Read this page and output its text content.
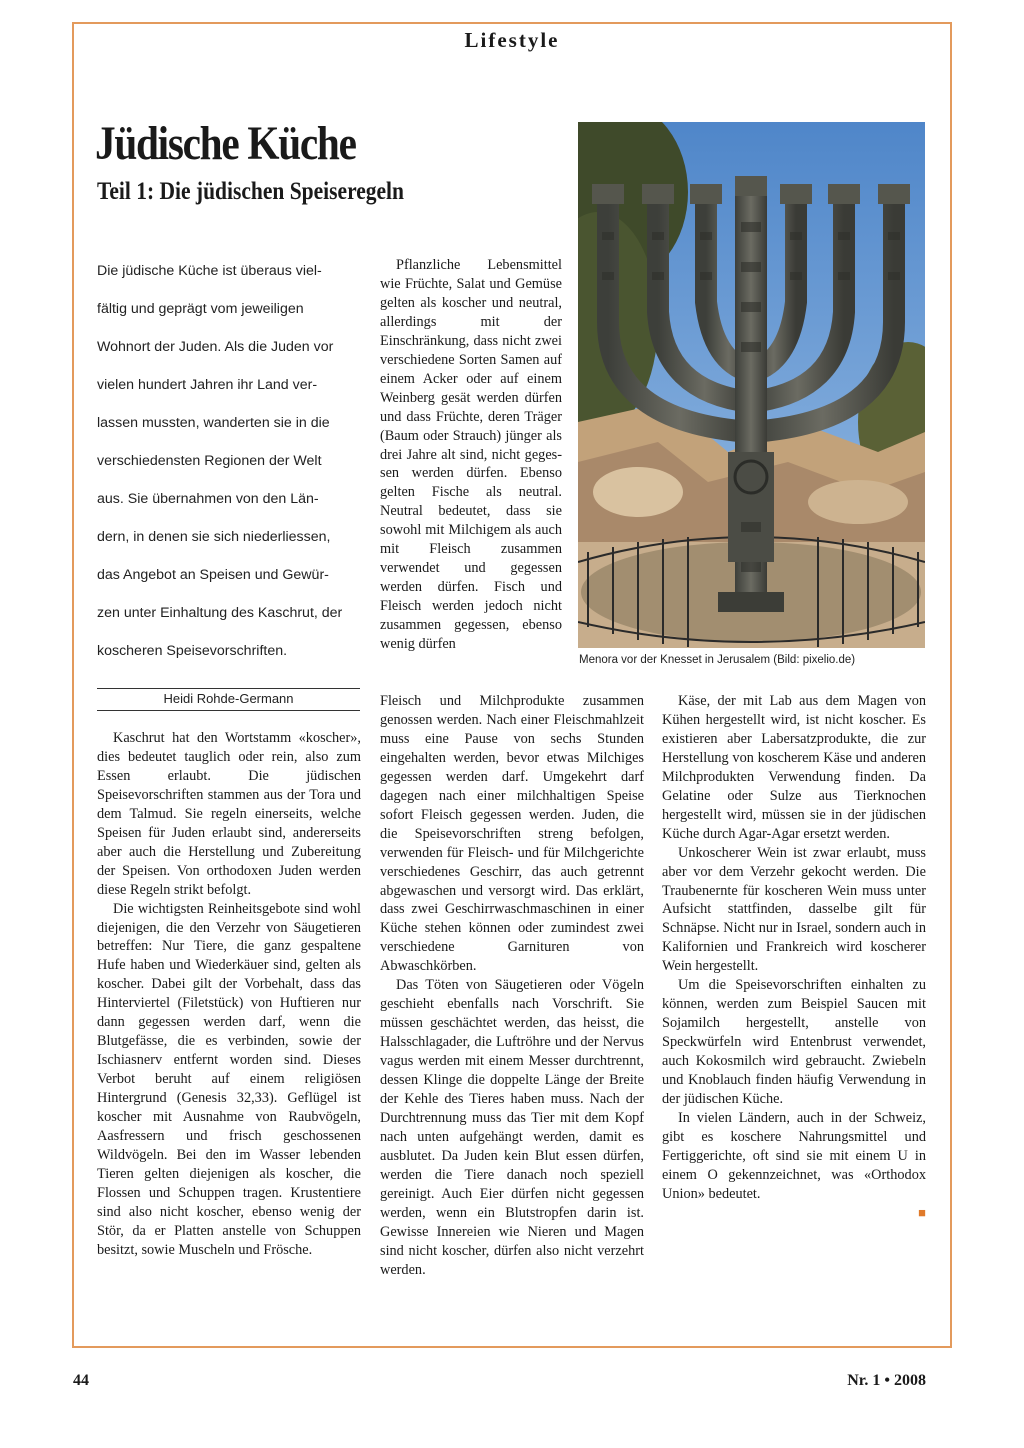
Lifestyle
Jüdische Küche
Teil 1: Die jüdischen Speiseregeln
Die jüdische Küche ist überaus viel-
fältig und geprägt vom jeweiligen
Wohnort der Juden. Als die Juden vor
vielen hundert Jahren ihr Land ver-
lassen mussten, wanderten sie in die
verschiedensten Regionen der Welt
aus. Sie übernahmen von den Län-
dern, in denen sie sich niederliessen,
das Angebot an Speisen und Gewür-
zen unter Einhaltung des Kaschrut, der
koscheren Speisevorschriften.
Heidi Rohde-Germann

Kaschrut hat den Wortstamm «koscher», dies bedeutet tauglich oder rein, also zum Essen erlaubt. Die jüdischen Speisevorschriften stammen aus der Tora und dem Talmud. Sie regeln einerseits, welche Speisen für Juden erlaubt sind, andererseits aber auch die Herstellung und Zubereitung der Speisen. Von orthodoxen Juden werden diese Regeln strikt befolgt.

Die wichtigsten Reinheitsgebote sind wohl diejenigen, die den Verzehr von Säugetieren betreffen: Nur Tiere, die ganz gespaltene Hufe haben und Wiederkäuer sind, gelten als koscher. Dabei gilt der Vorbehalt, dass das Hinterviertel (Filetstück) von Huftieren nur dann gegessen werden darf, wenn die Blutgefässe, die es verbinden, sowie der Ischiasnerv entfernt worden sind. Dieses Verbot beruht auf einem religiösen Hintergrund (Genesis 32,33). Geflügel ist koscher mit Ausnahme von Raubvögeln, Aasfressern und frisch geschossenen Wildvögeln. Bei den im Wasser lebenden Tieren gelten diejenigen als koscher, die Flossen und Schuppen tragen. Krustentiere sind also nicht koscher, ebenso wenig der Stör, da er Platten anstelle von Schuppen besitzt, sowie Muscheln und Frösche.

Pflanzliche Lebensmittel wie Früchte, Salat und Gemüse gelten als koscher und neutral, allerdings mit der Einschränkung, dass nicht zwei verschiedene Sorten Samen auf einem Acker oder auf einem Weinberg gesät werden dürfen und dass Früchte, deren Träger (Baum oder Strauch) jünger als drei Jahre alt sind, nicht gegessen werden dürfen. Ebenso gelten Fische als neutral. Neutral bedeutet, dass sie sowohl mit Milchigem als auch mit Fleisch zusammen verwendet und gegessen werden dürfen. Fisch und Fleisch werden jedoch nicht zusammen gegessen, ebenso wenig dürfen

Fleisch und Milchprodukte zusammen genossen werden. Nach einer Fleischmahlzeit muss eine Pause von sechs Stunden eingehalten werden, bevor etwas Milchiges gegessen werden darf. Umgekehrt darf dagegen nach einer milchhaltigen Speise sofort Fleisch gegessen werden. Juden, die die Speisevorschriften streng befolgen, verwenden für Fleisch- und für Milchgerichte verschiedenes Geschirr, das auch getrennt abgewaschen und versorgt wird. Das erklärt, dass zwei Geschirrwaschmaschinen in einer Küche stehen können oder zumindest zwei verschiedene Garnituren von Abwaschkörben.

Das Töten von Säugetieren oder Vögeln geschieht ebenfalls nach Vorschrift. Sie müssen geschächtet werden, das heisst, die Halsschlagader, die Luftröhre und der Nervus vagus werden mit einem Messer durchtrennt, dessen Klinge die doppelte Länge der Breite der Kehle des Tieres haben muss. Nach der Durchtrennung muss das Tier mit dem Kopf nach unten aufgehängt werden, damit es ausblutet. Da Juden kein Blut essen dürfen, werden die Tiere danach noch speziell gereinigt. Auch Eier dürfen nicht gegessen werden, wenn ein Blutstropfen darin ist. Gewisse Innereien wie Nieren und Magen sind nicht koscher, dürfen also nicht verzehrt werden.

Käse, der mit Lab aus dem Magen von Kühen hergestellt wird, ist nicht koscher. Es existieren aber Labersatzprodukte, die zur Herstellung von koscherem Käse und anderen Milchprodukten Verwendung finden. Da Gelatine oder Sulze aus Tierknochen hergestellt wird, müssen sie in der jüdischen Küche durch Agar-Agar ersetzt werden.

Unkoscherer Wein ist zwar erlaubt, muss aber vor dem Verzehr gekocht werden. Die Traubenernte für koscheren Wein muss unter Aufsicht stattfinden, dasselbe gilt für Schnäpse. Nicht nur in Israel, sondern auch in Kalifornien und Frankreich wird koscherer Wein hergestellt.

Um die Speisevorschriften einhalten zu können, werden zum Beispiel Saucen mit Sojamilch hergestellt, anstelle von Speckwürfeln wird Entenbrust verwendet, auch Kokosmilch wird gebraucht. Zwiebeln und Knoblauch finden häufig Verwendung in der jüdischen Küche.

In vielen Ländern, auch in der Schweiz, gibt es koschere Nahrungsmittel und Fertiggerichte, oft sind sie mit einem U in einem O gekennzeichnet, was «Orthodox Union» bedeutet.

■
Menora vor der Knesset in Jerusalem (Bild: pixelio.de)
44	Nr. 1 • 2008
